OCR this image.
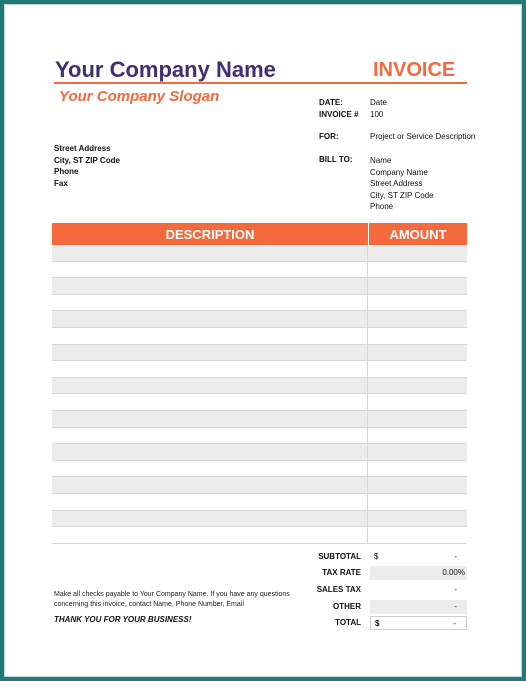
Your Company Name	INVOICE
Your Company Slogan
Street Address
City, ST ZIP Code
Phone
Fax
DATE:	Date
INVOICE # 100
FOR:	Project or Service Description
BILL TO: Name
Company Name
Street Address
City, ST ZIP Code
Phone
DESCRIPTION	AMOUNT
SUBTOTAL $	-
TAX RATE	0.00%
SALES TAX	-
OTHER	-
TOTAL $	-
Make all checks payable to Your Company Name. If you have any questions concerning this invoice, contact Name, Phone Number, Email
THANK YOU FOR YOUR BUSINESS!
